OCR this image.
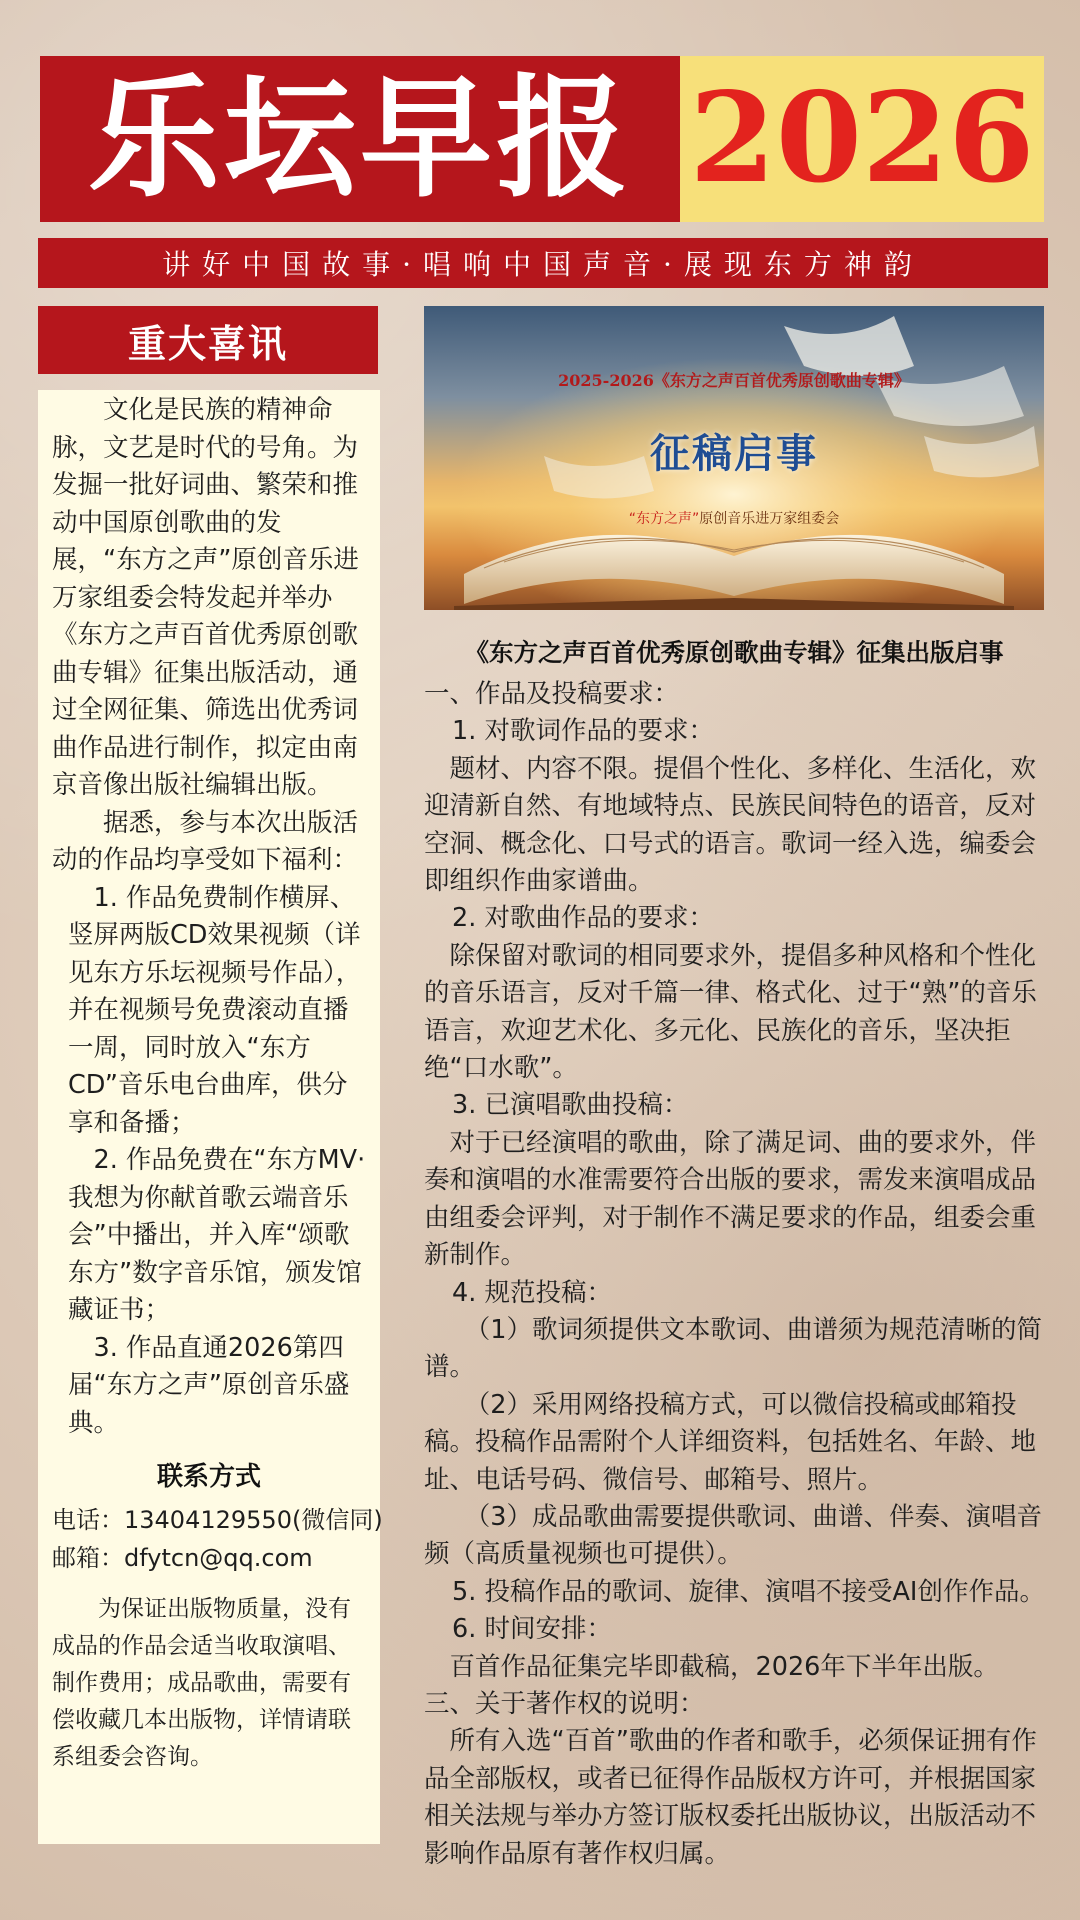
乐坛早报 2026
讲好中国故事·唱响中国声音·展现东方神韵
重大喜讯

文化是民族的精神命脉，文艺是时代的号角。为发掘一批好词曲、繁荣和推动中国原创歌曲的发展，“东方之声”原创音乐进万家组委会特发起并举办《东方之声百首优秀原创歌曲专辑》征集出版活动，通过全网征集、筛选出优秀词曲作品进行制作，拟定由南京音像出版社编辑出版。

据悉，参与本次出版活动的作品均享受如下福利：

1. 作品免费制作横屏、竖屏两版CD效果视频（详见东方乐坛视频号作品），并在视频号免费滚动直播一周，同时放入“东方CD”音乐电台曲库，供分享和备播；

2. 作品免费在“东方MV·我想为你献首歌云端音乐会”中播出，并入库“颂歌东方”数字音乐馆，颁发馆藏证书；

3. 作品直通2026第四届“东方之声”原创音乐盛典。

联系方式

电话：13404129550(微信同)

邮箱：dfytcn@qq.com

为保证出版物质量，没有成品的作品会适当收取演唱、制作费用；成品歌曲，需要有偿收藏几本出版物，详情请联系组委会咨询。

2025-2026《东方之声百首优秀原创歌曲专辑》
征稿启事
“东方之声”原创音乐进万家组委会
《东方之声百首优秀原创歌曲专辑》征集出版启事

一、作品及投稿要求：

1. 对歌词作品的要求：

题材、内容不限。提倡个性化、多样化、生活化，欢迎清新自然、有地域特点、民族民间特色的语音，反对空洞、概念化、口号式的语言。歌词一经入选，编委会即组织作曲家谱曲。

2. 对歌曲作品的要求：

除保留对歌词的相同要求外，提倡多种风格和个性化的音乐语言，反对千篇一律、格式化、过于“熟”的音乐语言，欢迎艺术化、多元化、民族化的音乐，坚决拒绝“口水歌”。

3. 已演唱歌曲投稿：

对于已经演唱的歌曲，除了满足词、曲的要求外，伴奏和演唱的水准需要符合出版的要求，需发来演唱成品由组委会评判，对于制作不满足要求的作品，组委会重新制作。

4. 规范投稿：

（1）歌词须提供文本歌词、曲谱须为规范清晰的简谱。

（2）采用网络投稿方式，可以微信投稿或邮箱投稿。投稿作品需附个人详细资料，包括姓名、年龄、地址、电话号码、微信号、邮箱号、照片。

（3）成品歌曲需要提供歌词、曲谱、伴奏、演唱音频（高质量视频也可提供）。

5. 投稿作品的歌词、旋律、演唱不接受AI创作作品。

6. 时间安排：

百首作品征集完毕即截稿，2026年下半年出版。

三、关于著作权的说明：

所有入选“百首”歌曲的作者和歌手，必须保证拥有作品全部版权，或者已征得作品版权方许可，并根据国家相关法规与举办方签订版权委托出版协议，出版活动不影响作品原有著作权归属。
